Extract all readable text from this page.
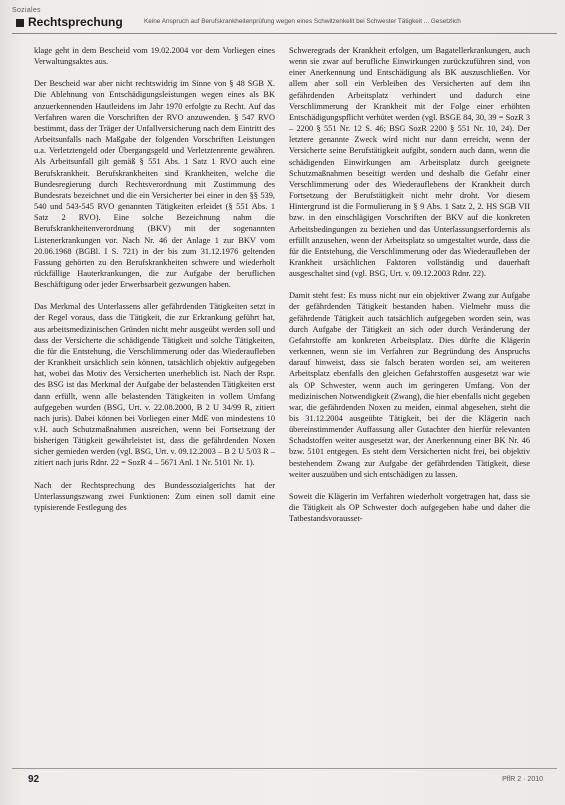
Soziales
Rechtsprechung	Keine Anspruch auf Berufskrankheitenprüfung wegen eines Schwitzenkelit bei Schwester Tätigkeit ... Gesetzlich

klage geht in dem Bescheid vom 19.02.2004 vor dem Vorliegen eines Verwaltungsaktes aus.

Der Bescheid war aber nicht rechtswidrig im Sinne von § 48 SGB X. Die Ablehnung von Entschädigungsleistungen wegen eines als BK anzuerkennenden Hautleidens im Jahr 1970 erfolgte zu Recht. Auf das Verfahren waren die Vorschriften der RVO anzuwenden. § 547 RVO bestimmt, dass der Träger der Unfallversicherung nach dem Eintritt des Arbeitsunfalls nach Maßgabe der folgenden Vorschriften Leistungen u.a. Verletztengeld oder Übergangsgeld und Verletztenrente gewähren. Als Arbeitsunfall gilt gemäß § 551 Abs. 1 Satz 1 RVO auch eine Berufskrankheit. Berufskrankheiten sind Krankheiten, welche die Bundesregierung durch Rechtsverordnung mit Zustimmung des Bundesrats bezeichnet und die ein Versicherter bei einer in den §§ 539, 540 und 543-545 RVO genannten Tätigkeiten erleidet (§ 551 Abs. 1 Satz 2 RVO). Eine solche Bezeichnung nahm die Berufskrankheitenverordnung (BKV) mit der sogenannten Listenerkrankungen vor. Nach Nr. 46 der Anlage 1 zur BKV vom 20.06.1968 (BGBl. I S. 721) in der bis zum 31.12.1976 geltenden Fassung gehörten zu den Berufskrankheiten schwere und wiederholt rückfällige Hauterkrankungen, die zur Aufgabe der beruflichen Beschäftigung oder jeder Erwerbsarbeit gezwungen haben.

Das Merkmal des Unterlassens aller gefährdenden Tätigkeiten setzt in der Regel voraus, dass die Tätigkeit, die zur Erkrankung geführt hat, aus arbeitsmedizinischen Gründen nicht mehr ausgeübt werden soll und dass der Versicherte die schädigende Tätigkeit und solche Tätigkeiten, die für die Entstehung, die Verschlimmerung oder das Wiederaufleben der Krankheit ursächlich sein können, tatsächlich objektiv aufgegeben hat, wobei das Motiv des Versicherten unerheblich ist. Nach der Rspr. des BSG ist das Merkmal der Aufgabe der belastenden Tätigkeiten erst dann erfüllt, wenn alle belastenden Tätigkeiten in vollem Umfang aufgegeben wurden (BSG, Urt. v. 22.08.2000, B 2 U 34/99 R, zitiert nach juris). Dabei können bei Vorliegen einer MdE von mindestens 10 v.H. auch Schutzmaßnahmen ausreichen, wenn bei Fortsetzung der bisherigen Tätigkeit gewährleistet ist, dass die gefährdenden Noxen sicher gemieden werden (vgl. BSG, Urt. v. 09.12.2003 – B 2 U 5/03 R – zitiert nach juris Rdnr. 22 = SozR 4 – 5671 Anl. 1 Nr. 5101 Nr. 1).

Nach der Rechtsprechung des Bundessozialgerichts hat der Unterlassungszwang zwei Funktionen: Zum einen soll damit eine typisierende Festlegung des

Schweregrads der Krankheit erfolgen, um Bagatellerkrankungen, auch wenn sie zwar auf berufliche Einwirkungen zurückzuführen sind, von einer Anerkennung und Entschädigung als BK auszuschließen. Vor allem aber soll ein Verbleiben des Versicherten auf dem ihn gefährdenden Arbeitsplatz verhindert und dadurch eine Verschlimmerung der Krankheit mit der Folge einer erhöhten Entschädigungspflicht verhütet werden (vgl. BSGE 84, 30, 39 = SozR 3 – 2200 § 551 Nr. 12 S. 46; BSG SozR 2200 § 551 Nr. 10, 24). Der letztere genannte Zweck wird nicht nur dann erreicht, wenn der Versicherte seine Berufstätigkeit aufgibt, sondern auch dann, wenn die schädigenden Einwirkungen am Arbeitsplatz durch geeignete Schutzmaßnahmen beseitigt werden und deshalb die Gefahr einer Verschlimmerung oder des Wiederauflebens der Krankheit durch Fortsetzung der Berufstätigkeit nicht mehr droht. Vor diesem Hintergrund ist die Formulierung in § 9 Abs. 1 Satz 2, 2. HS SGB VII bzw. in den einschlägigen Vorschriften der BKV auf die konkreten Arbeitsbedingungen zu beziehen und das Unterlassungserfordernis als erfüllt anzusehen, wenn der Arbeitsplatz so umgestaltet wurde, dass die für die Entstehung, die Verschlimmerung oder das Wiederaufleben der Krankheit ursächlichen Faktoren vollständig und dauerhaft ausgeschaltet sind (vgl. BSG, Urt. v. 09.12.2003 Rdnr. 22).

Damit steht fest: Es muss nicht nur ein objektiver Zwang zur Aufgabe der gefährdenden Tätigkeit bestanden haben. Vielmehr muss die gefährdende Tätigkeit auch tatsächlich aufgegeben worden sein, was durch Aufgabe der Tätigkeit an sich oder durch Veränderung der Gefahrstoffe am konkreten Arbeitsplatz. Dies dürfte die Klägerin verkennen, wenn sie im Verfahren zur Begründung des Anspruchs darauf hinweist, dass sie falsch beraten worden sei, am weiteren Arbeitsplatz ebenfalls den gleichen Gefahrstoffen ausgesetzt war wie als OP Schwester, wenn auch im geringeren Umfang. Von der medizinischen Notwendigkeit (Zwang), die hier ebenfalls nicht gegeben war, die gefährdenden Noxen zu meiden, einmal abgesehen, steht die bis 31.12.2004 ausgeübte Tätigkeit, bei der die Klägerin nach übereinstimmender Auffassung aller Gutachter den hierfür relevanten Schadstoffen weiter ausgesetzt war, der Anerkennung einer BK Nr. 46 bzw. 5101 entgegen. Es steht dem Versicherten nicht frei, bei objektiv bestehendem Zwang zur Aufgabe der gefährdenden Tätigkeit, diese weiter auszuüben und sich entschädigen zu lassen.

Soweit die Klägerin im Verfahren wiederholt vorgetragen hat, dass sie die Tätigkeit als OP Schwester doch aufgegeben habe und daher die Tatbestandsvorausset-

92	PflR 2 · 2010
